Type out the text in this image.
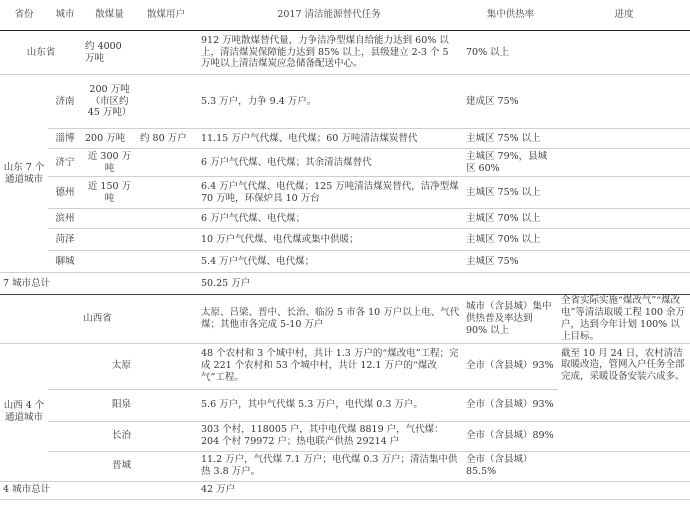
省份	城市	散煤量	散煤用户	2017 清洁能源替代任务	集中供热率	进度
山东省		约 4000 万吨		912 万吨散煤替代量，力争洁净型煤自给能力达到 60% 以上，清洁煤炭保障能力达到 85% 以上，县级建立 2-3 个 5 万吨以上清洁煤炭应急储备配送中心。	70% 以上	
山东 7 个通道城市	济南	200 万吨（市区约 45 万吨）		5.3 万户，力争 9.4 万户。	建成区 75%	
	淄博	200 万吨	约 80 万户	11.15 万户气代煤、电代煤；60 万吨清洁煤炭替代	主城区 75% 以上	
	济宁	近 300 万吨		6 万户气代煤、电代煤；其余清洁煤替代	主城区 79%，县城区 60%	
	德州	近 150 万吨		6.4 万户气代煤、电代煤；125 万吨清洁煤炭替代，洁净型煤 70 万吨，环保炉具 10 万台	主城区 75% 以上	
	滨州			6 万户气代煤、电代煤；	主城区 70% 以上	
	菏泽			10 万户气代煤、电代煤或集中供暖；	主城区 70% 以上	
	聊城			5.4 万户气代煤、电代煤；	主城区 75%	
7 城市总计				50.25 万户		
山西省				太原、吕梁、晋中、长治、临汾 5 市各 10 万户以上电、气代煤；其他市各完成 5-10 万户	城市（含县城）集中供热普及率达到 90% 以上	全省实际实施“煤改气”“煤改电”等清洁取暖工程 100 余万户，达到今年计划 100% 以上目标。
山西 4 个通道城市	太原			48 个农村和 3 个城中村，共计 1.3 万户的“煤改电”工程；完成 221 个农村和 53 个城中村，共计 12.1 万户的“煤改气”工程。	全市（含县城）93%	截至 10 月 24 日，农村清洁取暖改造，管网入户任务全部完成，采暖设备安装六成多。
	阳泉			5.6 万户，其中气代煤 5.3 万户，电代煤 0.3 万户。	全市（含县城）93%	
	长治			303 个村，118005 户，其中电代煤 8819 户，气代煤：204 个村 79972 户；热电联产供热 29214 户	全市（含县城）89%	
	晋城			11.2 万户，气代煤 7.1 万户；电代煤 0.3 万户；清洁集中供热 3.8 万户。	全市（含县城）85.5%	
4 城市总计				42 万户		
